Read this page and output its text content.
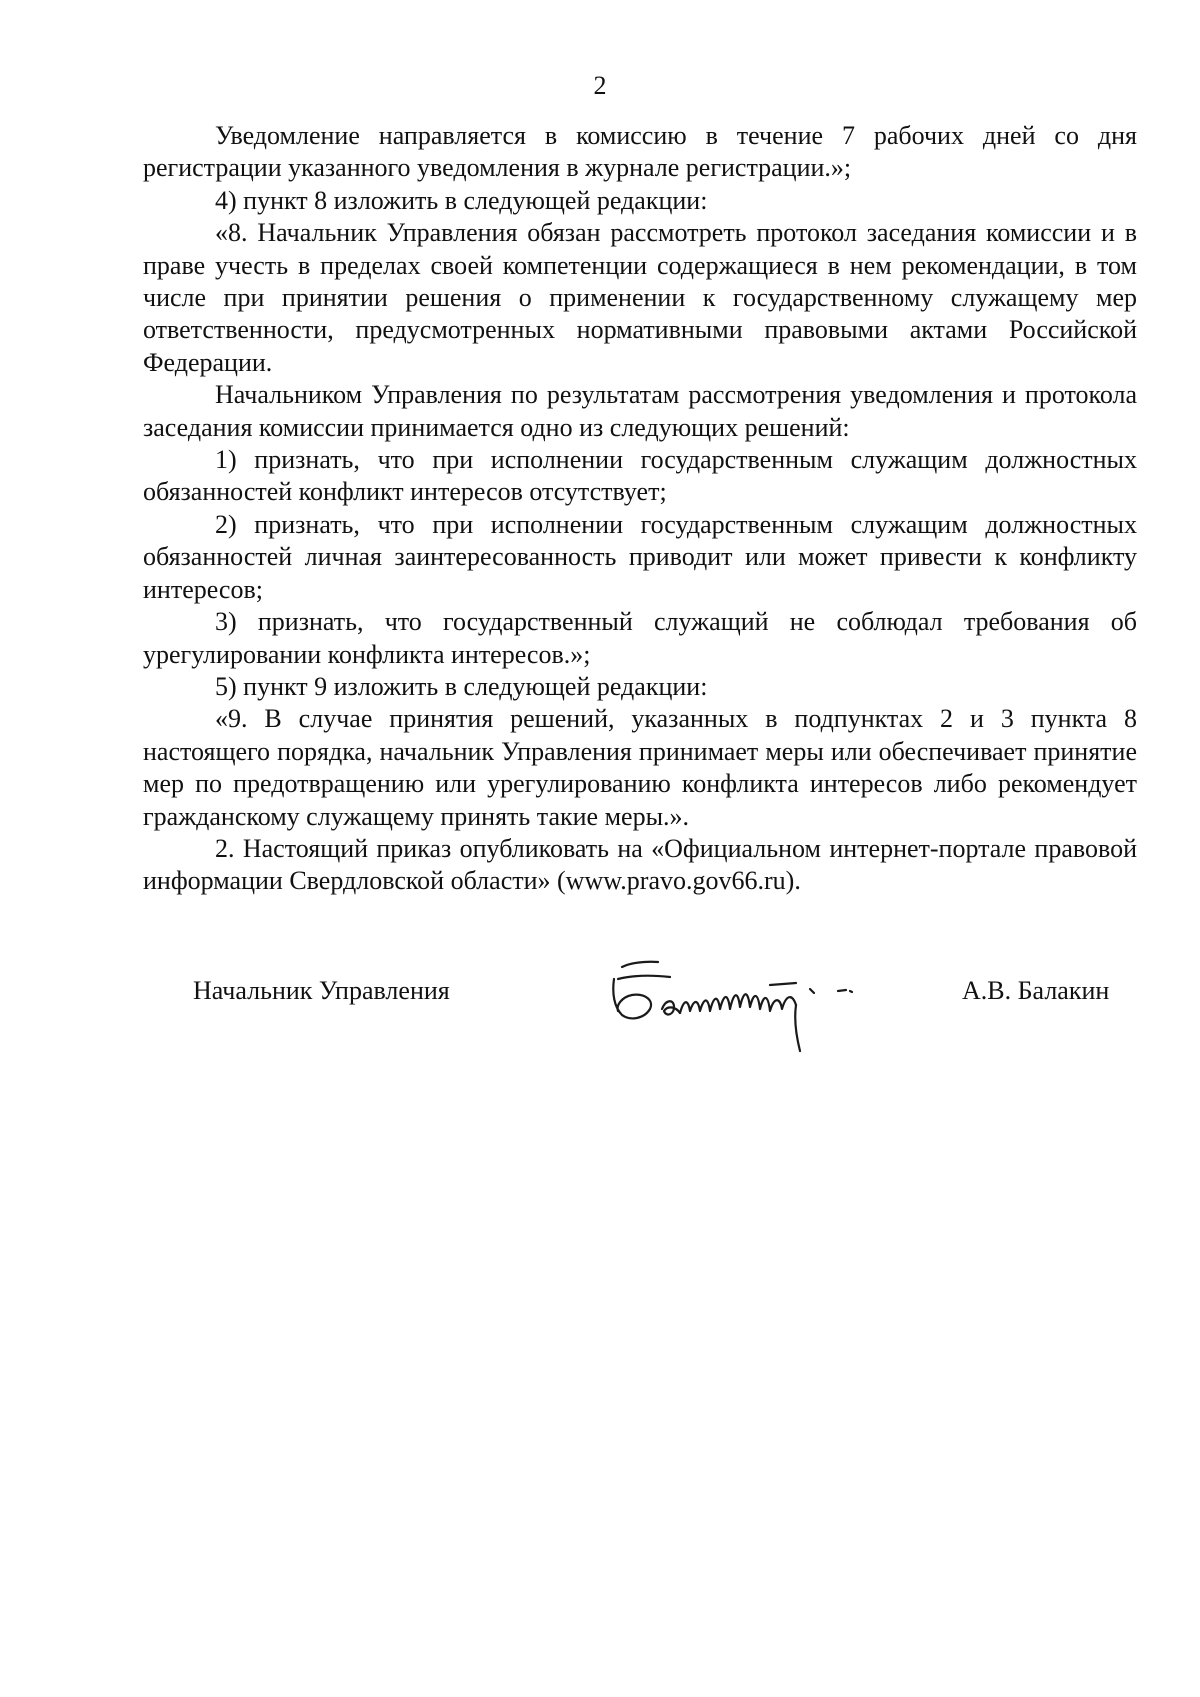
2

Уведомление направляется в комиссию в течение 7 рабочих дней со дня регистрации указанного уведомления в журнале регистрации.»;

4) пункт 8 изложить в следующей редакции:

«8. Начальник Управления обязан рассмотреть протокол заседания комиссии и в праве учесть в пределах своей компетенции содержащиеся в нем рекомендации, в том числе при принятии решения о применении к государственному служащему мер ответственности, предусмотренных нормативными правовыми актами Российской Федерации.

Начальником Управления по результатам рассмотрения уведомления и протокола заседания комиссии принимается одно из следующих решений:

1) признать, что при исполнении государственным служащим должностных обязанностей конфликт интересов отсутствует;

2) признать, что при исполнении государственным служащим должностных обязанностей личная заинтересованность приводит или может привести к конфликту интересов;

3) признать, что государственный служащий не соблюдал требования об урегулировании конфликта интересов.»;

5) пункт 9 изложить в следующей редакции:

«9. В случае принятия решений, указанных в подпунктах 2 и 3 пункта 8 настоящего порядка, начальник Управления принимает меры или обеспечивает принятие мер по предотвращению или урегулированию конфликта интересов либо рекомендует гражданскому служащему принять такие меры.».

2. Настоящий приказ опубликовать на «Официальном интернет-портале правовой информации Свердловской области» (www.pravo.gov66.ru).

Начальник Управления	А.В. Балакин
